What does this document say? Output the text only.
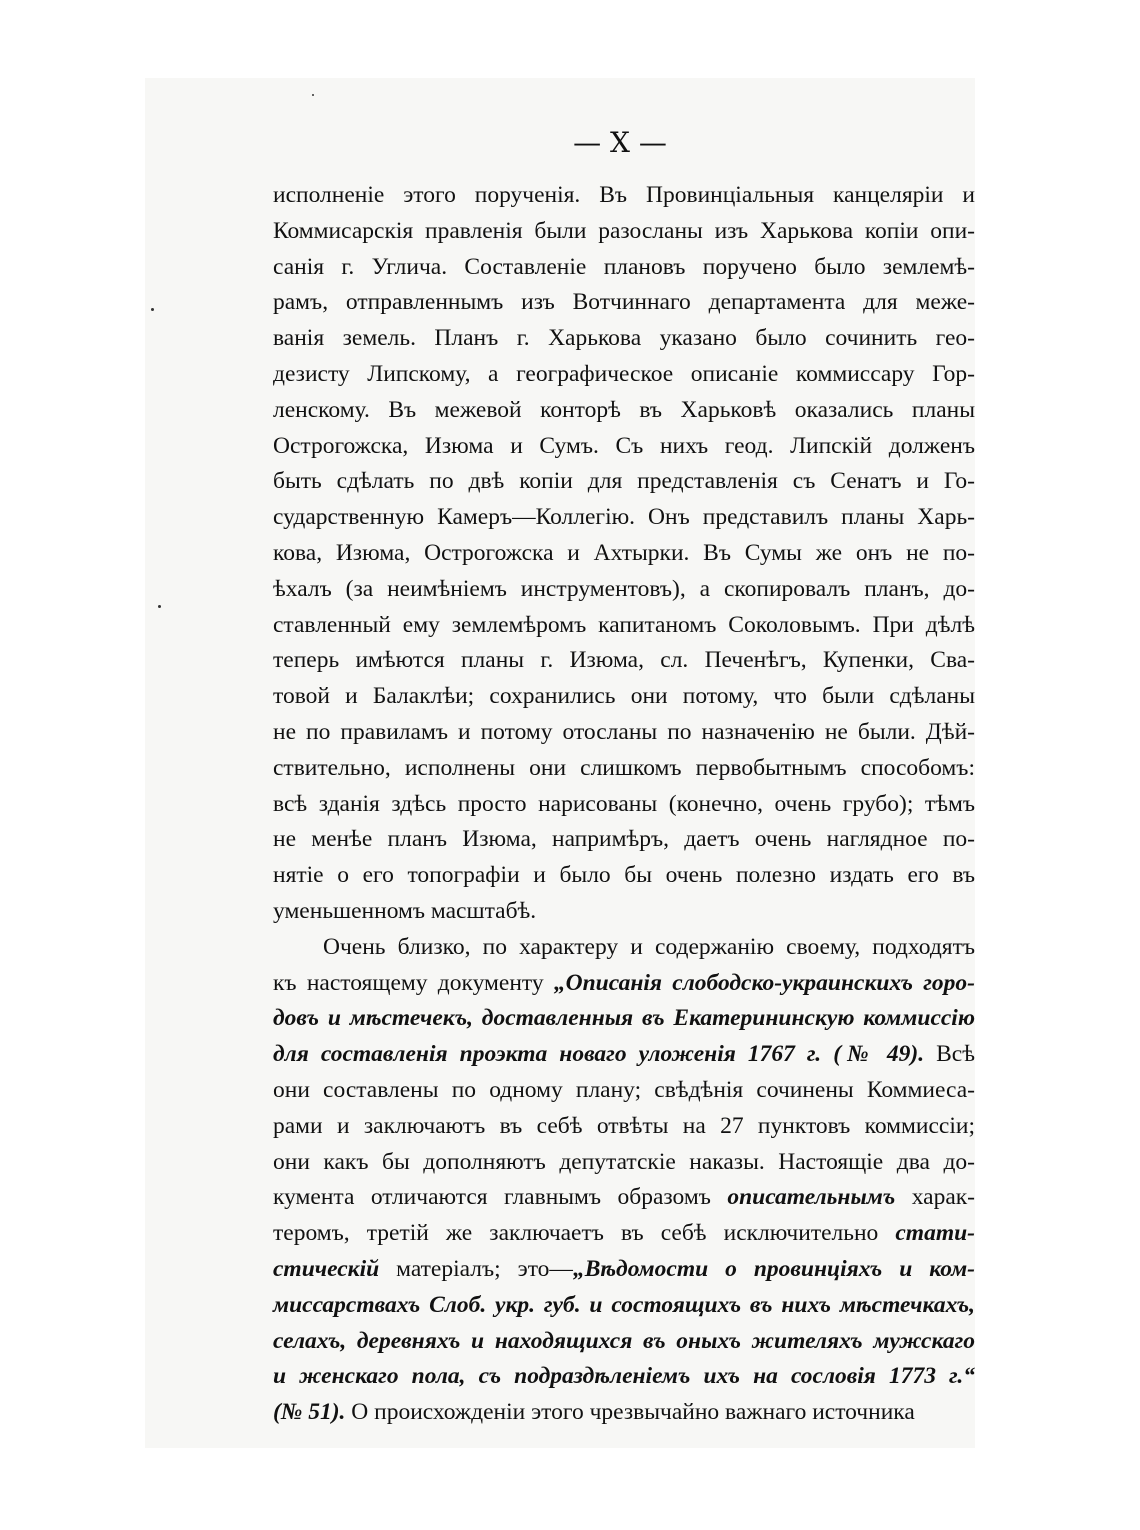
— X —
исполненіе этого порученія. Въ Провинціальныя канцеляріи и
Коммисарскія правленія были разосланы изъ Харькова копіи опи-
санія г. Углича. Составленіе плановъ поручено было землемѣ-
рамъ, отправленнымъ изъ Вотчиннаго департамента для меже-
ванія земель. Планъ г. Харькова указано было сочинить гео-
дезисту Липскому, а географическое описаніе коммиссару Гор-
ленскому. Въ межевой конторѣ въ Харьковѣ оказались планы
Острогожска, Изюма и Сумъ. Съ нихъ геод. Липскій долженъ
быть сдѣлать по двѣ копіи для представленія съ Сенатъ и Го-
сударственную Камеръ—Коллегію. Онъ представилъ планы Харь-
кова, Изюма, Острогожска и Ахтырки. Въ Сумы же онъ не по-
ѣхалъ (за неимѣніемъ инструментовъ), а скопировалъ планъ, до-
ставленный ему землемѣромъ капитаномъ Соколовымъ. При дѣлѣ
теперь имѣются планы г. Изюма, сл. Печенѣгъ, Купенки, Сва-
товой и Балаклѣи; сохранились они потому, что были сдѣланы
не по правиламъ и потому отосланы по назначенію не были. Дѣй-
ствительно, исполнены они слишкомъ первобытнымъ способомъ:
всѣ зданія здѣсь просто нарисованы (конечно, очень грубо); тѣмъ
не менѣе планъ Изюма, напримѣръ, даетъ очень наглядное по-
нятіе о его топографіи и было бы очень полезно издать его въ
уменьшенномъ масштабѣ.
Очень близко, по характеру и содержанію своему, подходятъ
къ настоящему документу „Описанія слободско-украинскихъ горо-
довъ и мѣстечекъ, доставленныя въ Екатерининскую коммиссію
для составленія проэкта новаго уложенія 1767 г. (№ 49). Всѣ
они составлены по одному плану; свѣдѣнія сочинены Коммиеса-
рами и заключаютъ въ себѣ отвѣты на 27 пунктовъ коммиссіи;
они какъ бы дополняютъ депутатскіе наказы. Настоящіе два до-
кумента отличаются главнымъ образомъ описательнымъ харак-
теромъ, третій же заключаетъ въ себѣ исключительно стати-
стическій матеріалъ; это—„Вѣдомости о провинціяхъ и ком-
миссарствахъ Слоб. укр. губ. и состоящихъ въ нихъ мѣстечкахъ,
селахъ, деревняхъ и находящихся въ оныхъ жителяхъ мужскаго
и женскаго пола, съ подраздѣленіемъ ихъ на сословія 1773 г.“
(№ 51). О происхожденіи этого чрезвычайно важнаго источника
